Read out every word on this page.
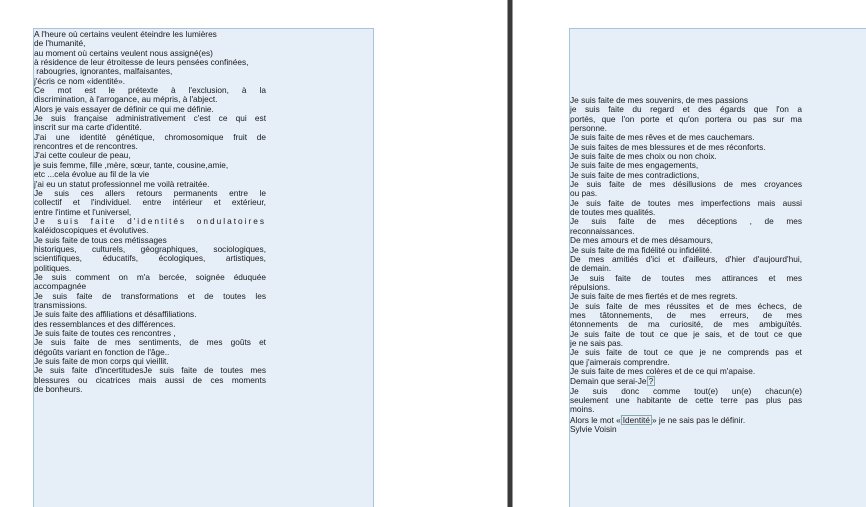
A l'heure où certains veulent éteindre les lumières
de l'humanité,
au moment où certains veulent nous assigné(es)
à résidence de leur étroitesse de leurs pensées confinées,
rabougries, ignorantes, malfaisantes,
j'écris ce nom «identité».
Ce mot est le prétexte à l'exclusion, à la
discrimination, à l'arrogance, au mépris, à l'abject.
Alors je vais essayer de définir ce qui me définie.
Je suis française administrativement c'est ce qui est
inscrit sur ma carte d'identité.
J'ai une identité génétique, chromosomique fruit de
rencontres et de rencontres.
J'ai cette couleur de peau,
je suis femme, fille ,mère, sœur, tante, cousine,amie,
etc ...cela évolue au fil de la vie
j'ai eu un statut professionnel me voilà retraitée.
Je suis ces allers retours permanents entre le
collectif et l'individuel. entre intérieur et extérieur,
entre l'intime et l'universel,
Je suis faite d'identités ondulatoires
kaléidoscopiques et évolutives.
Je suis faite de tous ces métissages
historiques, culturels, géographiques, sociologiques,
scientifiques, éducatifs, écologiques, artistiques,
politiques.
Je suis comment on m'a bercée, soignée éduquée
accompagnée
Je suis faite de transformations et de toutes les
transmissions.
Je suis faite des affiliations et désaffiliations.
des ressemblances et des différences.
Je suis faite de toutes ces rencontres ,
Je suis faite de mes sentiments, de mes goûts et
dégoûts variant en fonction de l'âge..
Je suis faite de mon corps qui vieillit.
Je suis faite d'incertitudesJe suis faite de toutes mes
blessures ou cicatrices mais aussi de ces moments
de bonheurs.
Je suis faite de mes souvenirs, de mes passions
je suis faite du regard et des égards que l'on a
portés, que l'on porte et qu'on portera ou pas sur ma
personne.
Je suis faite de mes rêves et de mes cauchemars.
Je suis faites de mes blessures et de mes réconforts.
Je suis faite de mes choix ou non choix.
Je suis faite de mes engagements,
Je suis faite de mes contradictions,
Je suis faite de mes désillusions de mes croyances
ou pas.
Je suis faite de toutes mes imperfections mais aussi
de toutes mes qualités.
Je suis faite de mes déceptions , de mes
reconnaissances.
De mes amours et de mes désamours,
Je suis faite de ma fidélité ou infidélité.
De mes amitiés d'ici et d'ailleurs, d'hier d'aujourd'hui,
de demain.
Je suis faite de toutes mes attirances et mes
répulsions.
Je suis faite de mes fiertés et de mes regrets.
Je suis faite de mes réussites et de mes échecs, de
mes tâtonnements, de mes erreurs, de mes
étonnements de ma curiosité, de mes ambiguïtés.
Je suis faite de tout ce que je sais, et de tout ce que
je ne sais pas.
Je suis faite de tout ce que je ne comprends pas et
que j'aimerais comprendre.
Je suis faite de mes colères et de ce qui m'apaise.
Demain que serai-Je ?
Je suis donc comme tout(e) un(e) chacun(e)
seulement une habitante de cette terre pas plus pas
moins.
Alors le mot « Identité » je ne sais pas le définir.
Sylvie Voisin
